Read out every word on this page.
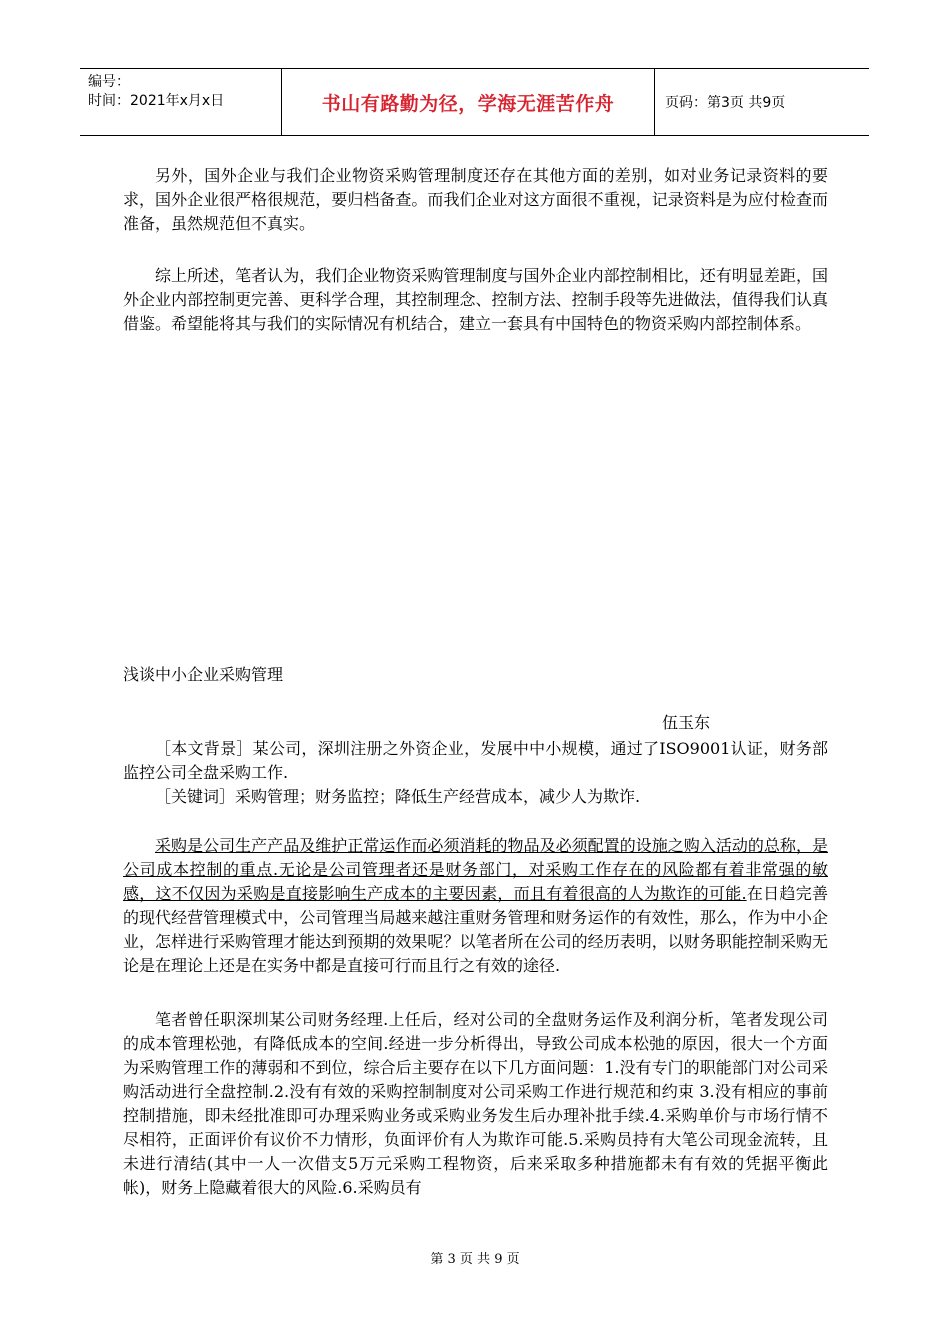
编号：
时间：2021年x月x日	书山有路勤为径，学海无涯苦作舟	页码：第3页 共9页
另外，国外企业与我们企业物资采购管理制度还存在其他方面的差别，如对业务记录资料的要求，国外企业很严格很规范，要归档备查。而我们企业对这方面很不重视，记录资料是为应付检查而准备，虽然规范但不真实。
综上所述，笔者认为，我们企业物资采购管理制度与国外企业内部控制相比，还有明显差距，国外企业内部控制更完善、更科学合理，其控制理念、控制方法、控制手段等先进做法，值得我们认真借鉴。希望能将其与我们的实际情况有机结合，建立一套具有中国特色的物资采购内部控制体系。
浅谈中小企业采购管理
伍玉东
［本文背景］某公司，深圳注册之外资企业，发展中中小规模，通过了ISO9001认证，财务部监控公司全盘采购工作.
［关键词］采购管理；财务监控；降低生产经营成本，减少人为欺诈.
采购是公司生产产品及维护正常运作而必须消耗的物品及必须配置的设施之购入活动的总称，是公司成本控制的重点.无论是公司管理者还是财务部门，对采购工作存在的风险都有着非常强的敏感，这不仅因为采购是直接影响生产成本的主要因素，而且有着很高的人为欺诈的可能.在日趋完善的现代经营管理模式中，公司管理当局越来越注重财务管理和财务运作的有效性，那么，作为中小企业，怎样进行采购管理才能达到预期的效果呢？以笔者所在公司的经历表明，以财务职能控制采购无论是在理论上还是在实务中都是直接可行而且行之有效的途径.
笔者曾任职深圳某公司财务经理.上任后，经对公司的全盘财务运作及利润分析，笔者发现公司的成本管理松弛，有降低成本的空间.经进一步分析得出，导致公司成本松弛的原因，很大一个方面为采购管理工作的薄弱和不到位，综合后主要存在以下几方面问题：1.没有专门的职能部门对公司采购活动进行全盘控制.2.没有有效的采购控制制度对公司采购工作进行规范和约束 3.没有相应的事前控制措施，即未经批准即可办理采购业务或采购业务发生后办理补批手续.4.采购单价与市场行情不尽相符，正面评价有议价不力情形，负面评价有人为欺诈可能.5.采购员持有大笔公司现金流转，且未进行清结(其中一人一次借支5万元采购工程物资，后来采取多种措施都未有有效的凭据平衡此帐)，财务上隐藏着很大的风险.6.采购员有
第 3 页 共 9 页
